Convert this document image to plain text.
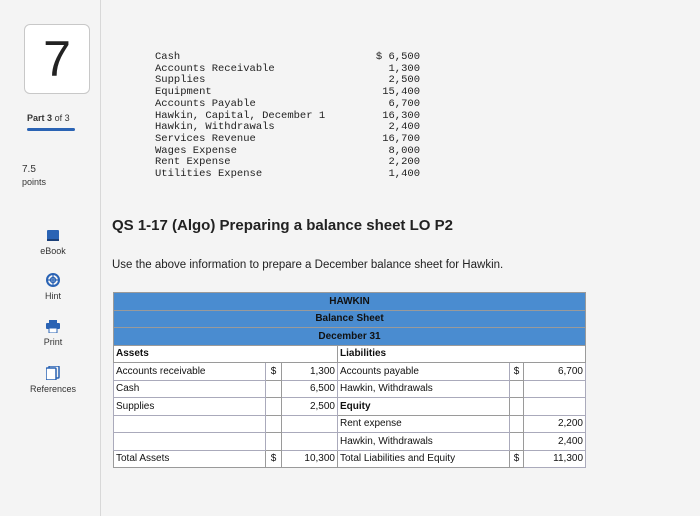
7
Part 3 of 3
7.5
points
eBook
Hint
Print
References
Cash	$ 6,500
Accounts Receivable	1,300
Supplies	2,500
Equipment	15,400
Accounts Payable	6,700
Hawkin, Capital, December 1	16,300
Hawkin, Withdrawals	2,400
Services Revenue	16,700
Wages Expense	8,000
Rent Expense	2,200
Utilities Expense	1,400
QS 1-17 (Algo) Preparing a balance sheet LO P2
Use the above information to prepare a December balance sheet for Hawkin.
HAWKIN					
Balance Sheet					
December 31					
Assets			Liabilities		
Accounts receivable	$	1,300	Accounts payable	$	6,700
Cash		6,500	Hawkin, Withdrawals		
Supplies		2,500	Equity		
			Rent expense		2,200
			Hawkin, Withdrawals		2,400
Total Assets	$	10,300	Total Liabilities and Equity	$	11,300
